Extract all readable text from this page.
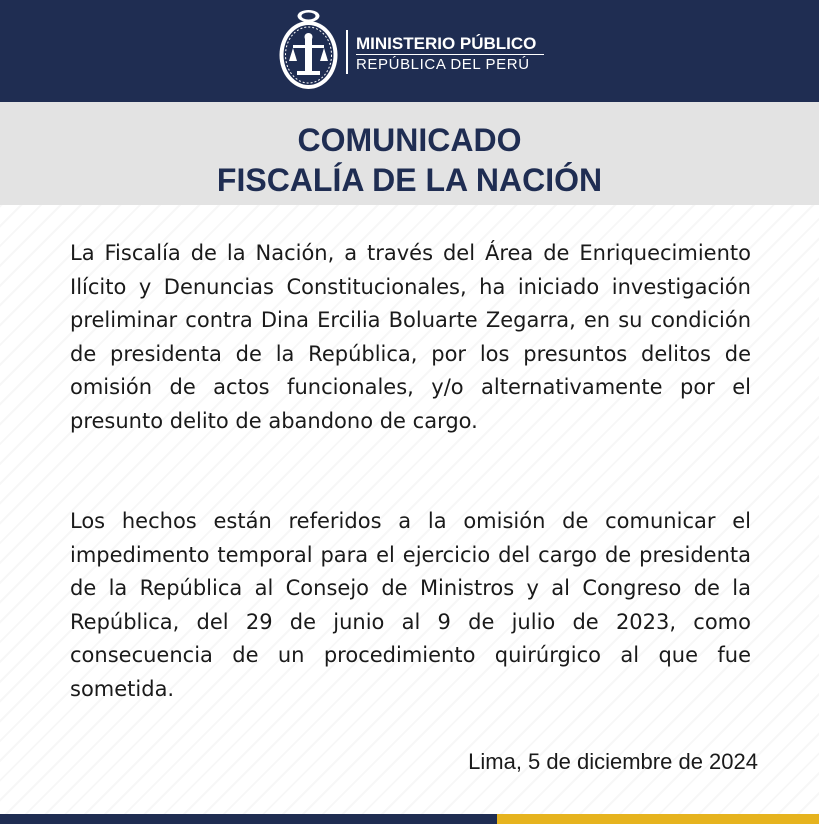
MINISTERIO PÚBLICO
REPÚBLICA DEL PERÚ
COMUNICADO
FISCALÍA DE LA NACIÓN

La Fiscalía de la Nación, a través del Área de Enriquecimiento Ilícito y Denuncias Constitucionales, ha iniciado investigación preliminar contra Dina Ercilia Boluarte Zegarra, en su condición de presidenta de la República, por los presuntos delitos de omisión de actos funcionales, y/o alternativamente por el presunto delito de abandono de cargo.

Los hechos están referidos a la omisión de comunicar el impedimento temporal para el ejercicio del cargo de presidenta de la República al Consejo de Ministros y al Congreso de la República, del 29 de junio al 9 de julio de 2023, como consecuencia de un procedimiento quirúrgico al que fue sometida.

Lima, 5 de diciembre de 2024
